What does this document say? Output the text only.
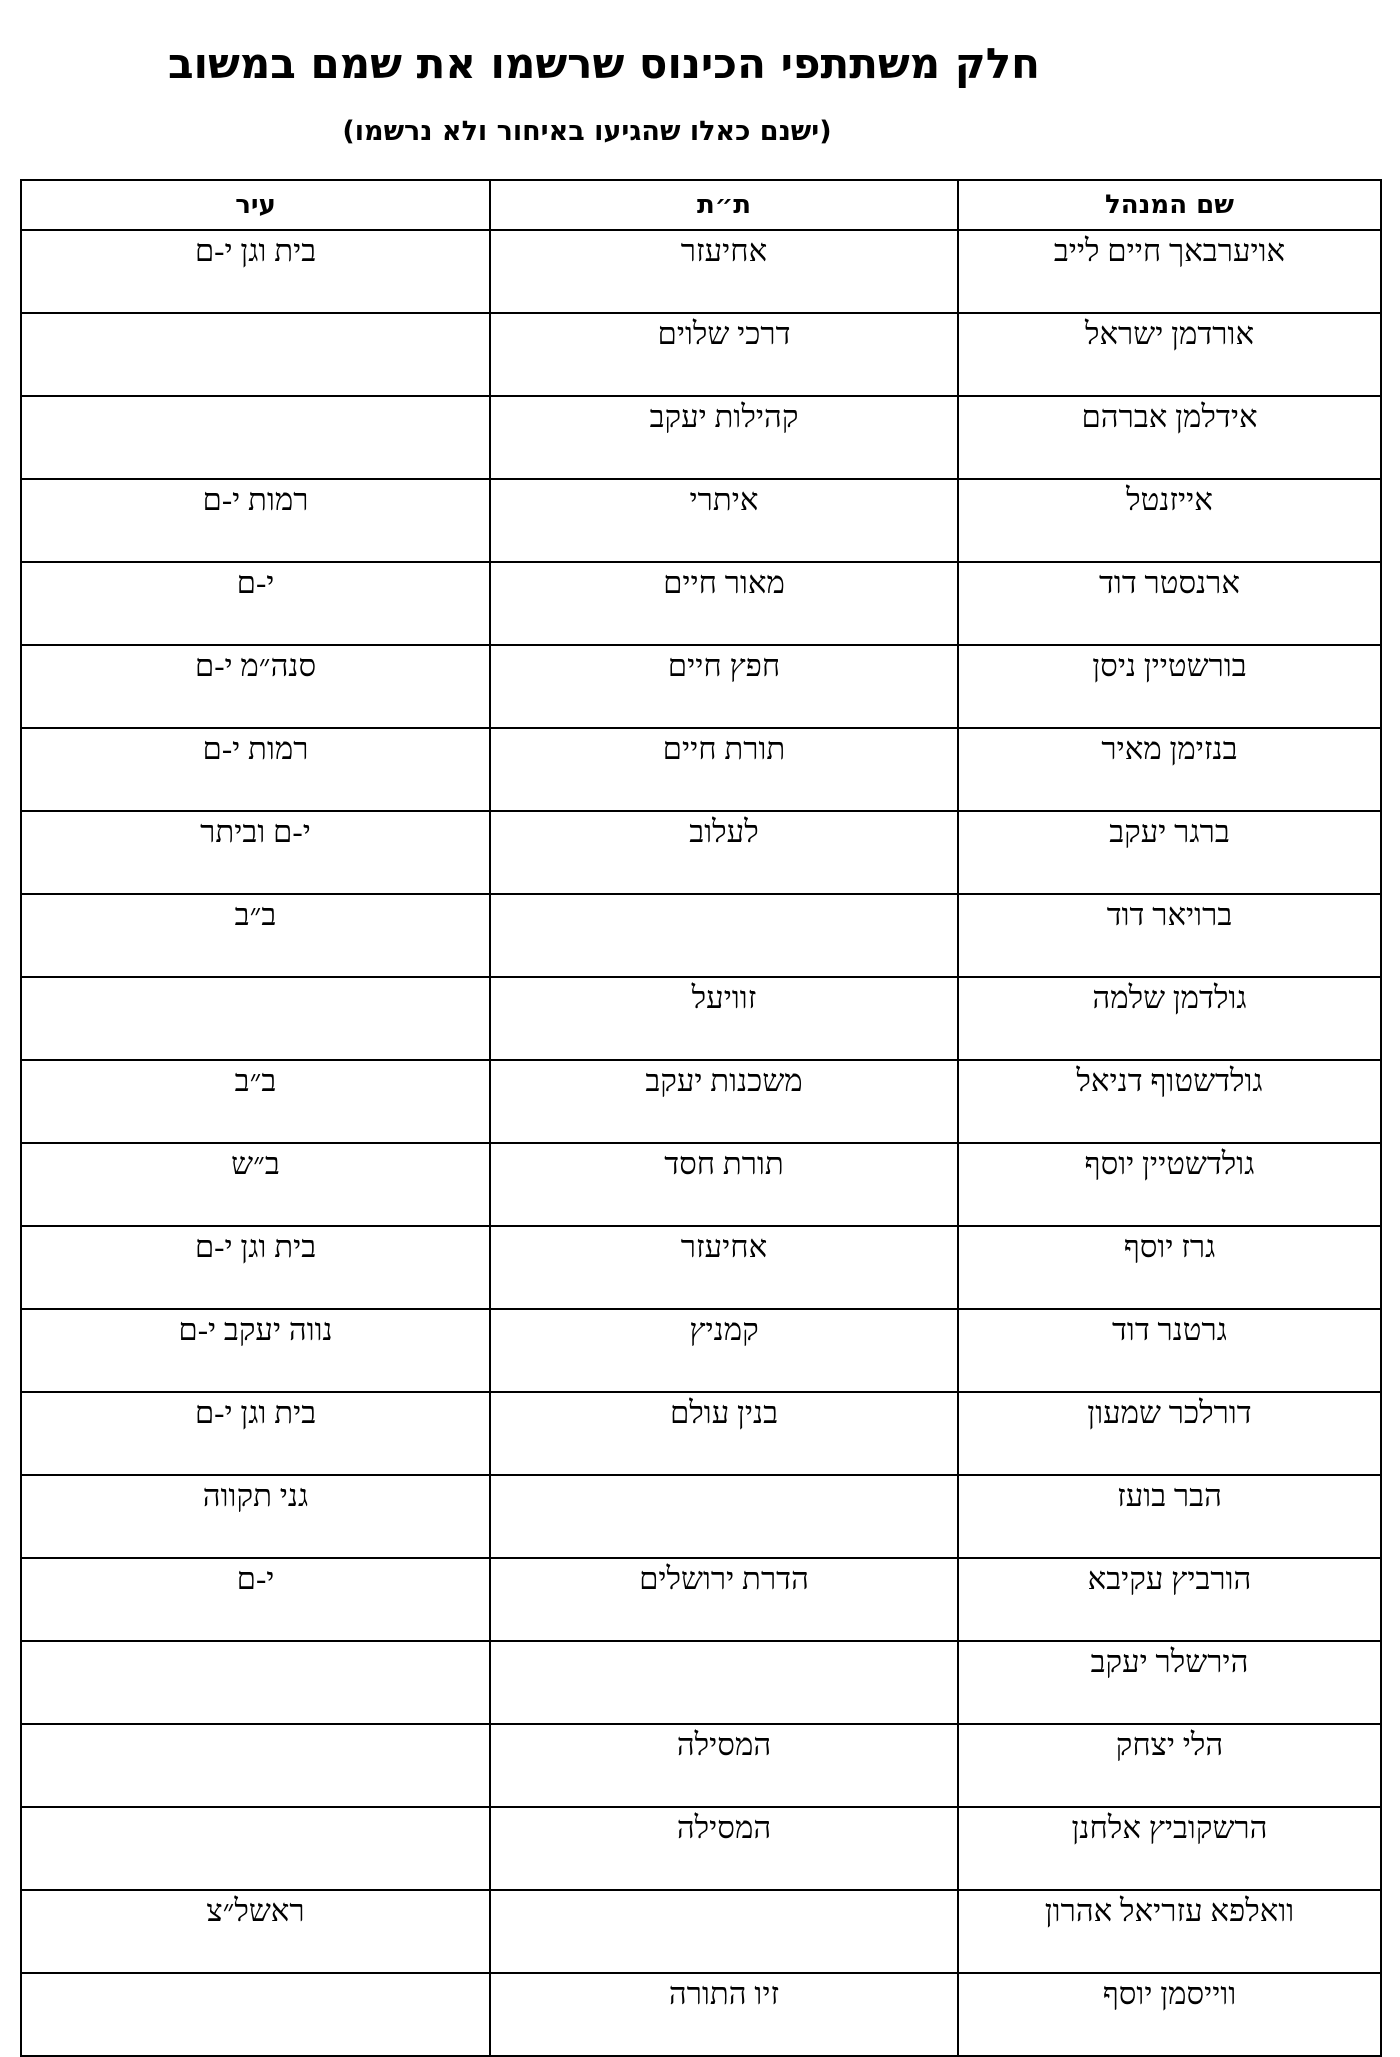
חלק משתתפי הכינוס שרשמו את שמם במשוב

(ישנם כאלו שהגיעו באיחור ולא נרשמו)

שם המנהל	ת״ת	עיר
אויערבאך חיים לייב	אחיעזר	בית וגן י-ם
אורדמן ישראל	דרכי שלוים	
אידלמן אברהם	קהילות יעקב	
אייזנטל	איתרי	רמות י-ם
ארנסטר דוד	מאור חיים	י-ם
בורשטיין ניסן	חפץ חיים	סנה״מ י-ם
בנזימן מאיר	תורת חיים	רמות י-ם
ברגר יעקב	לעלוב	י-ם וביתר
ברויאר דוד		ב״ב
גולדמן שלמה	זוויעל	
גולדשטוף דניאל	משכנות יעקב	ב״ב
גולדשטיין יוסף	תורת חסד	ב״ש
גרז יוסף	אחיעזר	בית וגן י-ם
גרטנר דוד	קמניץ	נווה יעקב י-ם
דורלכר שמעון	בנין עולם	בית וגן י-ם
הבר בועז		גני תקווה
הורביץ עקיבא	הדרת ירושלים	י-ם
הירשלר יעקב		
הלי יצחק	המסילה	
הרשקוביץ אלחנן	המסילה	
וואלפא עזריאל אהרון		ראשל״צ
ווייסמן יוסף	זיו התורה	
